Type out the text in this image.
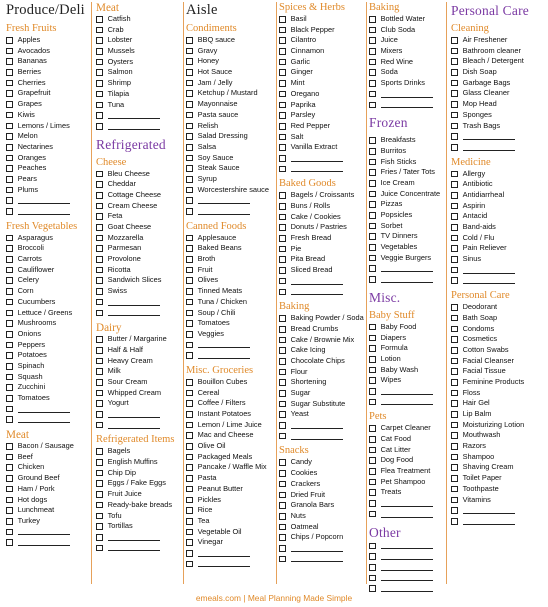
Produce/Deli
Fresh Fruits
Apples
Avocados
Bananas
Berries
Cherries
Grapefruit
Grapes
Kiwis
Lemons / Limes
Melon
Nectarines
Oranges
Peaches
Pears
Plums
Fresh Vegetables
Asparagus
Broccoli
Carrots
Cauliflower
Celery
Corn
Cucumbers
Lettuce / Greens
Mushrooms
Onions
Peppers
Potatoes
Spinach
Squash
Zucchini
Tomatoes
Meat
Bacon / Sausage
Beef
Chicken
Ground Beef
Ham / Pork
Hot dogs
Lunchmeat
Turkey
Meat
Catfish
Crab
Lobster
Mussels
Oysters
Salmon
Shrimp
Tilapia
Tuna
Refrigerated
Cheese
Bleu Cheese
Cheddar
Cottage Cheese
Cream Cheese
Feta
Goat Cheese
Mozzarella
Parmesan
Provolone
Ricotta
Sandwich Slices
Swiss
Dairy
Butter / Margarine
Half & Half
Heavy Cream
Milk
Sour Cream
Whipped Cream
Yogurt
Refrigerated Items
Bagels
English Muffins
Chip Dip
Eggs / Fake Eggs
Fruit Juice
Ready-bake breads
Tofu
Tortillas
Aisle
Condiments
BBQ sauce
Gravy
Honey
Hot Sauce
Jam / Jelly
Ketchup / Mustard
Mayonnaise
Pasta sauce
Relish
Salad Dressing
Salsa
Soy Sauce
Steak Sauce
Syrup
Worcestershire sauce
Canned Foods
Applesauce
Baked Beans
Broth
Fruit
Olives
Tinned Meats
Tuna / Chicken
Soup / Chili
Tomatoes
Veggies
Misc. Groceries
Bouillon Cubes
Cereal
Coffee / Filters
Instant Potatoes
Lemon / Lime Juice
Mac and Cheese
Olive Oil
Packaged Meals
Pancake / Waffle Mix
Pasta
Peanut Butter
Pickles
Rice
Tea
Vegetable Oil
Vinegar
Spices & Herbs
Basil
Black Pepper
Cilantro
Cinnamon
Garlic
Ginger
Mint
Oregano
Paprika
Parsley
Red Pepper
Salt
Vanilla Extract
Baked Goods
Bagels / Croissants
Buns / Rolls
Cake / Cookies
Donuts / Pastries
Fresh Bread
Pie
Pita Bread
Sliced Bread
Baking
Baking Powder / Soda
Bread Crumbs
Cake / Brownie Mix
Cake Icing
Chocolate Chips
Flour
Shortening
Sugar
Sugar Substitute
Yeast
Snacks
Candy
Cookies
Crackers
Dried Fruit
Granola Bars
Nuts
Oatmeal
Chips / Popcorn
Baking
Bottled Water
Club Soda
Juice
Mixers
Red Wine
Soda
Sports Drinks
Frozen
Breakfasts
Burritos
Fish Sticks
Fries / Tater Tots
Ice Cream
Juice Concentrate
Pizzas
Popsicles
Sorbet
TV Dinners
Vegetables
Veggie Burgers
Misc.
Baby Stuff
Baby Food
Diapers
Formula
Lotion
Baby Wash
Wipes
Pets
Carpet Cleaner
Cat Food
Cat Litter
Dog Food
Flea Treatment
Pet Shampoo
Treats
Other
Personal Care
Cleaning
Air Freshener
Bathroom cleaner
Bleach / Detergent
Dish Soap
Garbage Bags
Glass Cleaner
Mop Head
Sponges
Trash Bags
Medicine
Allergy
Antibiotic
Antidiarrheal
Aspirin
Antacid
Band-aids
Cold / Flu
Pain Reliever
Sinus
Personal Care
Deodorant
Bath Soap
Condoms
Cosmetics
Cotton Swabs
Facial Cleanser
Facial Tissue
Feminine Products
Floss
Hair Gel
Lip Balm
Moisturizing Lotion
Mouthwash
Razors
Shampoo
Shaving Cream
Toilet Paper
Toothpaste
Vitamins
emeals.com | Meal Planning Made Simple
